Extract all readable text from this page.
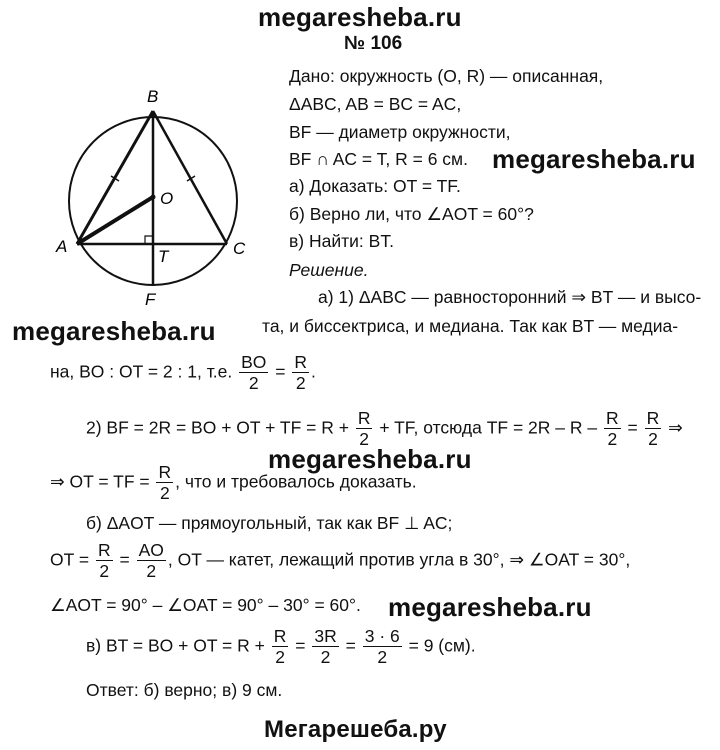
megaresheba.ru
№ 106
B
O
A
T	C
F
Дано: окружность (O, R) — описанная,
ΔABC, AB = BC = AC,
BF — диаметр окружности,
BF ∩ AC = T, R = 6 см. megaresheba.ru
а) Доказать: OT = TF.
б) Верно ли, что ∠AOT = 60°?
в) Найти: BT.
Решение.
а) 1) ΔABC — равносторонний ⇒ BT — и высо-
megaresheba.ru	та, и биссектриса, и медиана. Так как BT — медиа-
на, BO : OT = 2 : 1, т.е. $\frac{BO}{2} = \frac{R}{2}$ .
2) BF = 2R = BO + OT + TF = $R + \frac{R}{2}$ + TF, отсюда TF = $2R - R - \frac{R}{2} = \frac{R}{2}$ ⇒
megaresheba.ru
⇒ OT = TF = $\frac{R}{2}$ , что и требовалось доказать.
б) ΔAOT — прямоугольный, так как BF ⊥ AC;
OT = $\frac{R}{2} = \frac{AO}{2}$ , OT — катет, лежащий против угла в 30°, ⇒ ∠OAT = 30°,
∠AOT = 90° – ∠OAT = 90° – 30° = 60°. megaresheba.ru
в) BT = BO + OT = $R + \frac{R}{2} = \frac{3R}{2} = \frac{3 \cdot 6}{2} = 9$ (см).
Ответ: б) верно; в) 9 см.
Мегарешеба.ру
